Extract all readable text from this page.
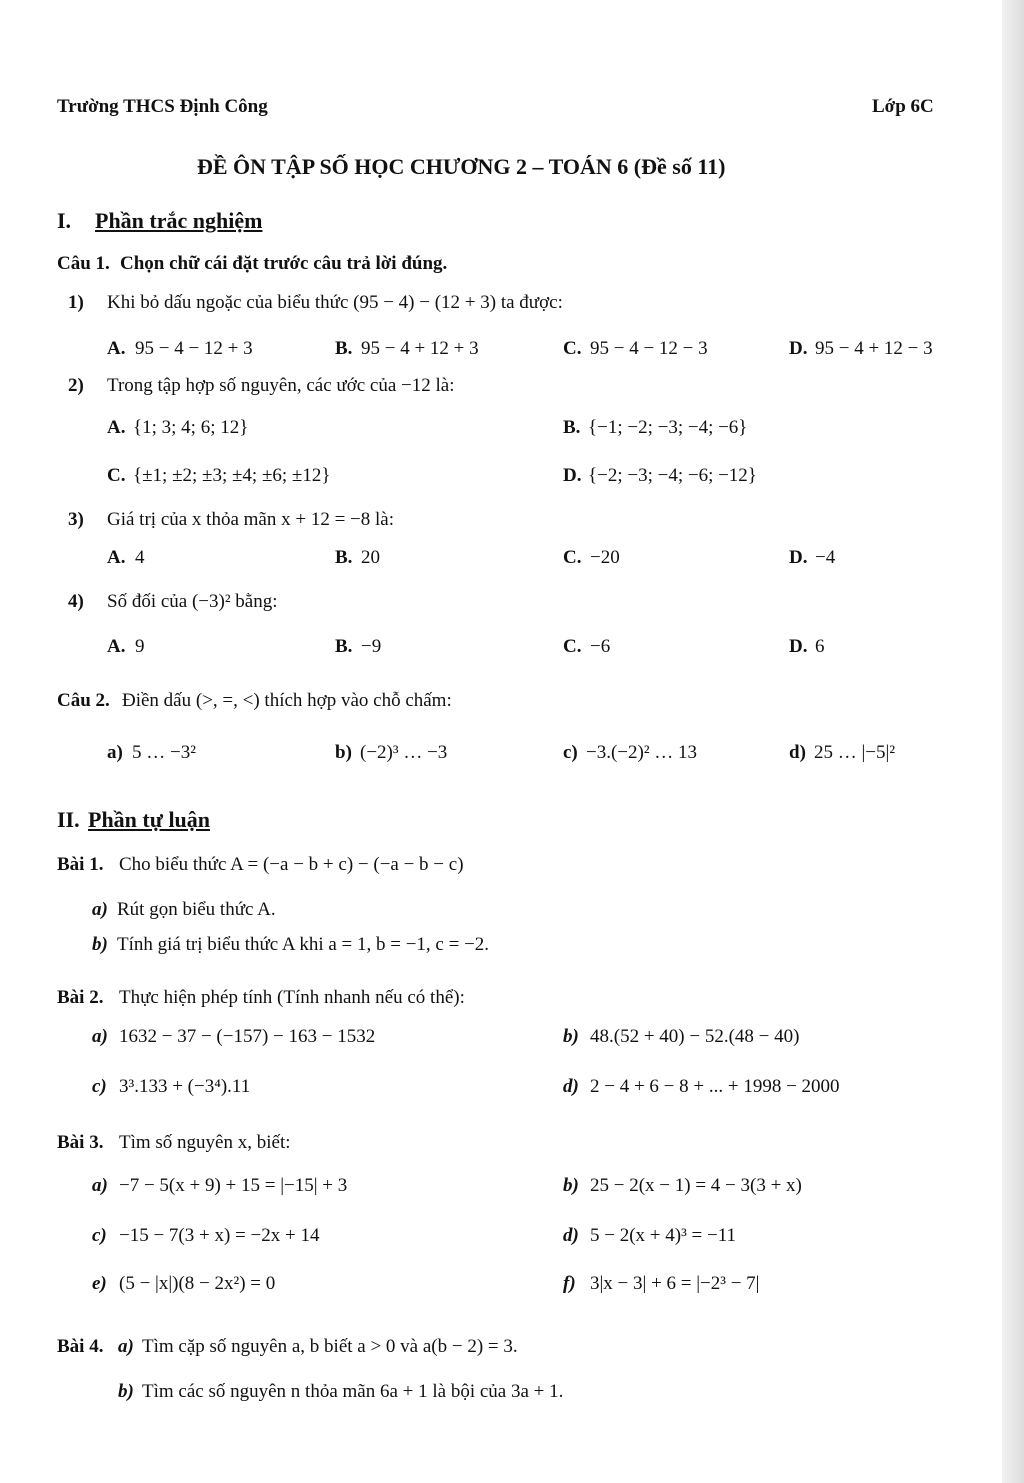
Trường THCS Định Công	Lớp 6C
ĐỀ ÔN TẬP SỐ HỌC CHƯƠNG 2 – TOÁN 6 (Đề số 11)
I. Phần trắc nghiệm
Câu 1. Chọn chữ cái đặt trước câu trả lời đúng.
1) Khi bỏ dấu ngoặc của biểu thức (95 − 4) − (12 + 3) ta được:
A. 95 − 4 − 12 + 3	B. 95 − 4 + 12 + 3	C. 95 − 4 − 12 − 3	D. 95 − 4 + 12 − 3
2) Trong tập hợp số nguyên, các ước của −12 là:
A. {1; 3; 4; 6; 12}	B. {−1; −2; −3; −4; −6}
C. {±1; ±2; ±3; ±4; ±6; ±12}	D. {−2; −3; −4; −6; −12}
3) Giá trị của x thỏa mãn x + 12 = −8 là:
A. 4	B. 20	C. −20	D. −4
4) Số đối của (−3)² bằng:
A. 9	B. −9	C. −6	D. 6
Câu 2. Điền dấu (>, =, <) thích hợp vào chỗ chấm:
a) 5 … −3²	b) (−2)³ … −3	c) −3.(−2)² … 13	d) 25 … |−5|²
II. Phần tự luận
Bài 1. Cho biểu thức A = (−a − b + c) − (−a − b − c)
a) Rút gọn biểu thức A.
b) Tính giá trị biểu thức A khi a = 1, b = −1, c = −2.
Bài 2. Thực hiện phép tính (Tính nhanh nếu có thể):
a) 1632 − 37 − (−157) − 163 − 1532	b) 48.(52 + 40) − 52.(48 − 40)
c) 3³.133 + (−3⁴).11	d) 2 − 4 + 6 − 8 + ... + 1998 − 2000
Bài 3. Tìm số nguyên x, biết:
a) −7 − 5(x + 9) + 15 = |−15| + 3	b) 25 − 2(x − 1) = 4 − 3(3 + x)
c) −15 − 7(3 + x) = −2x + 14	d) 5 − 2(x + 4)³ = −11
e) (5 − |x|)(8 − 2x²) = 0	f) 3|x − 3| + 6 = |−2³ − 7|
Bài 4. a) Tìm cặp số nguyên a, b biết a > 0 và a(b − 2) = 3.
b) Tìm các số nguyên n thỏa mãn 6a + 1 là bội của 3a + 1.
